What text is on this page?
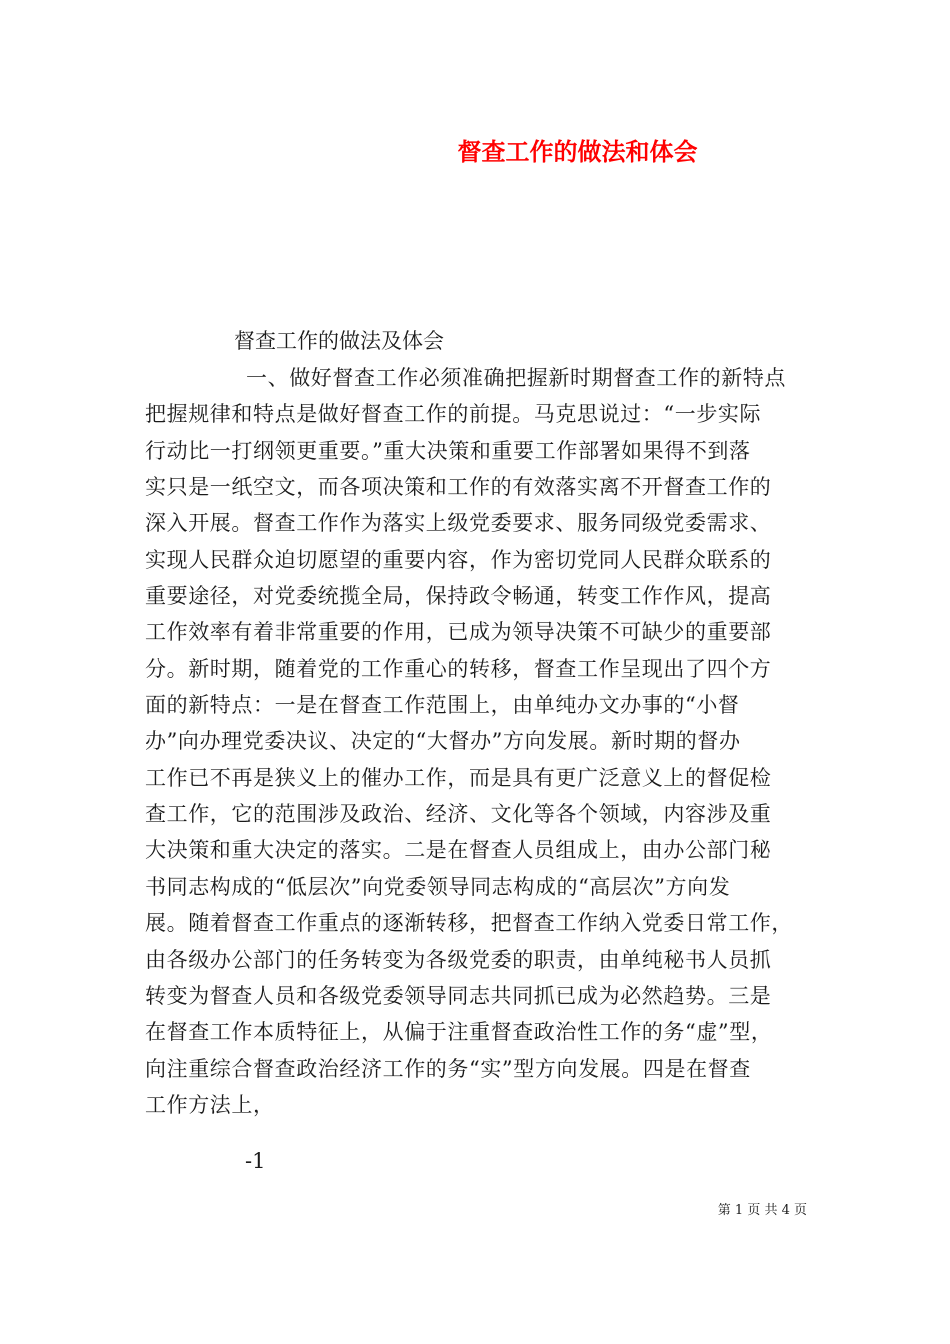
督查工作的做法和体会
督查工作的做法及体会
一、做好督查工作必须准确把握新时期督查工作的新特点
把握规律和特点是做好督查工作的前提。马克思说过：“一步实际
行动比一打纲领更重要。”重大决策和重要工作部署如果得不到落
实只是一纸空文，而各项决策和工作的有效落实离不开督查工作的
深入开展。督查工作作为落实上级党委要求、服务同级党委需求、
实现人民群众迫切愿望的重要内容，作为密切党同人民群众联系的
重要途径，对党委统揽全局，保持政令畅通，转变工作作风，提高
工作效率有着非常重要的作用，已成为领导决策不可缺少的重要部
分。新时期，随着党的工作重心的转移，督查工作呈现出了四个方
面的新特点：一是在督查工作范围上，由单纯办文办事的“小督
办”向办理党委决议、决定的“大督办”方向发展。新时期的督办
工作已不再是狭义上的催办工作，而是具有更广泛意义上的督促检
查工作，它的范围涉及政治、经济、文化等各个领域，内容涉及重
大决策和重大决定的落实。二是在督查人员组成上，由办公部门秘
书同志构成的“低层次”向党委领导同志构成的“高层次”方向发
展。随着督查工作重点的逐渐转移，把督查工作纳入党委日常工作，
由各级办公部门的任务转变为各级党委的职责，由单纯秘书人员抓
转变为督查人员和各级党委领导同志共同抓已成为必然趋势。三是
在督查工作本质特征上，从偏于注重督查政治性工作的务“虚”型，
向注重综合督查政治经济工作的务“实”型方向发展。四是在督查
工作方法上，
-1
第 1 页 共 4 页
